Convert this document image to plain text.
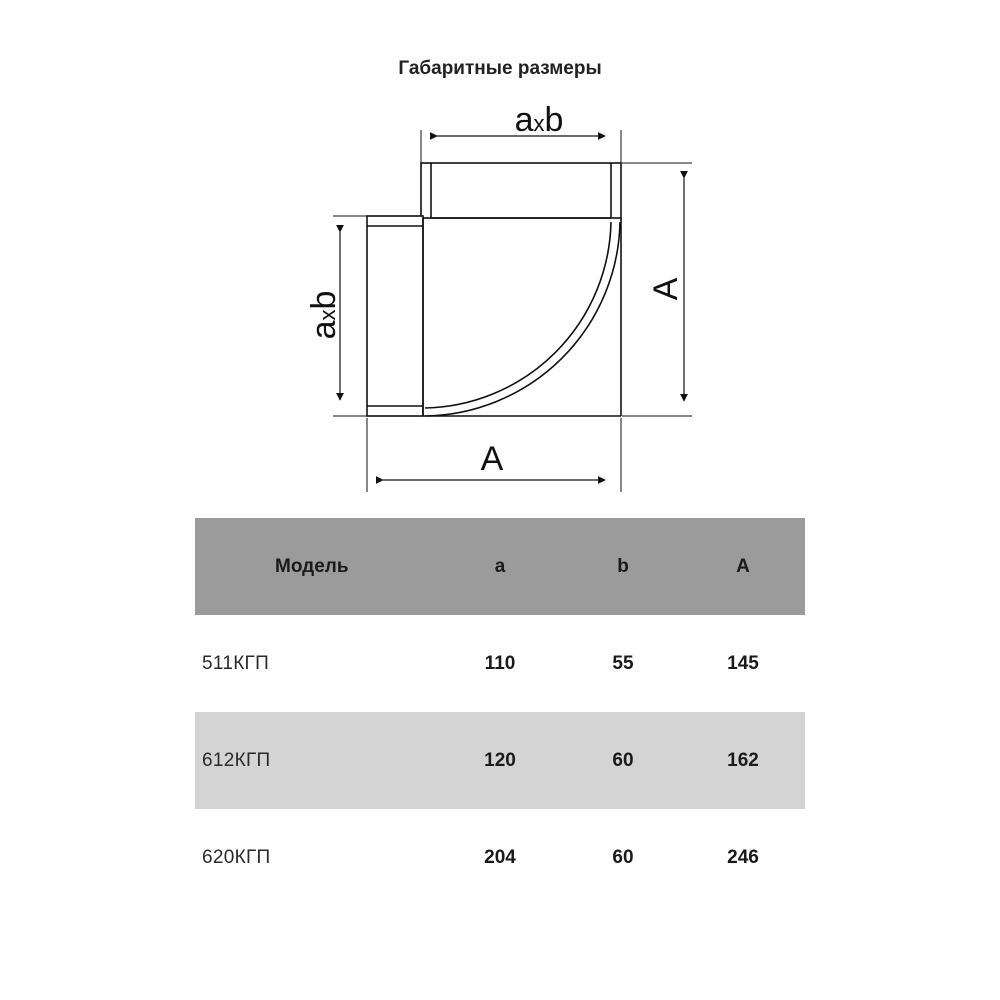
Габаритные размеры
axb
A
axb
A
Модель	a	b	A
511КГП	110	55	145
612КГП	120	60	162
620КГП	204	60	246
